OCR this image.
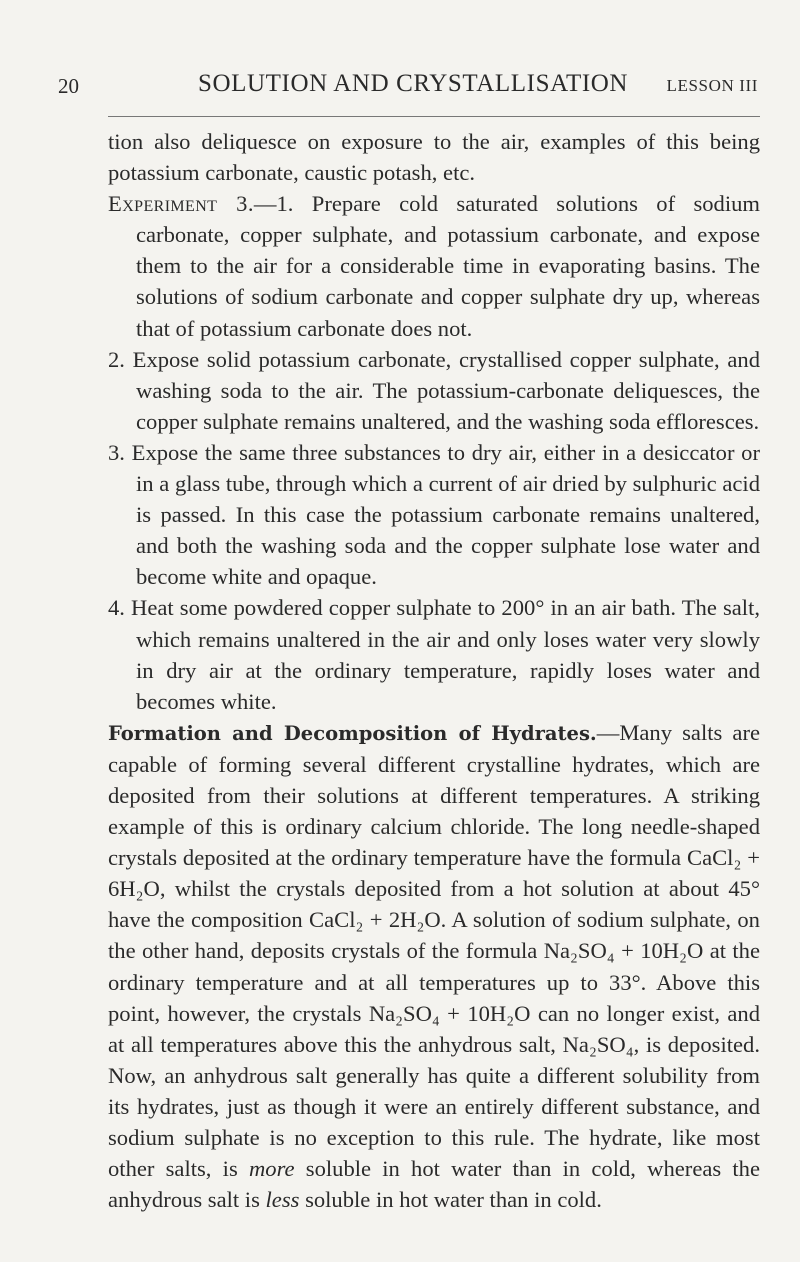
20	SOLUTION AND CRYSTALLISATION LESSON III

tion also deliquesce on exposure to the air, examples of this being potassium carbonate, caustic potash, etc.

Experiment 3.—1. Prepare cold saturated solutions of sodium carbonate, copper sulphate, and potassium carbonate, and expose them to the air for a considerable time in evaporating basins. The solutions of sodium carbonate and copper sulphate dry up, whereas that of potassium carbonate does not.

2. Expose solid potassium carbonate, crystallised copper sulphate, and washing soda to the air. The potassium-carbonate deliquesces, the copper sulphate remains unaltered, and the washing soda effloresces.

3. Expose the same three substances to dry air, either in a desiccator or in a glass tube, through which a current of air dried by sulphuric acid is passed. In this case the potassium carbonate remains unaltered, and both the washing soda and the copper sulphate lose water and become white and opaque.

4. Heat some powdered copper sulphate to 200° in an air bath. The salt, which remains unaltered in the air and only loses water very slowly in dry air at the ordinary temperature, rapidly loses water and becomes white.

Formation and Decomposition of Hydrates.—Many salts are capable of forming several different crystalline hydrates, which are deposited from their solutions at different temperatures. A striking example of this is ordinary calcium chloride. The long needle-shaped crystals deposited at the ordinary temperature have the formula CaCl₂ + 6H₂O, whilst the crystals deposited from a hot solution at about 45° have the composition CaCl₂ + 2H₂O. A solution of sodium sulphate, on the other hand, deposits crystals of the formula Na₂SO₄ + 10H₂O at the ordinary temperature and at all temperatures up to 33°. Above this point, however, the crystals Na₂SO₄ + 10H₂O can no longer exist, and at all temperatures above this the anhydrous salt, Na₂SO₄, is deposited. Now, an anhydrous salt generally has quite a different solubility from its hydrates, just as though it were an entirely different substance, and sodium sulphate is no exception to this rule. The hydrate, like most other salts, is more soluble in hot water than in cold, whereas the anhydrous salt is less soluble in hot water than in cold.
